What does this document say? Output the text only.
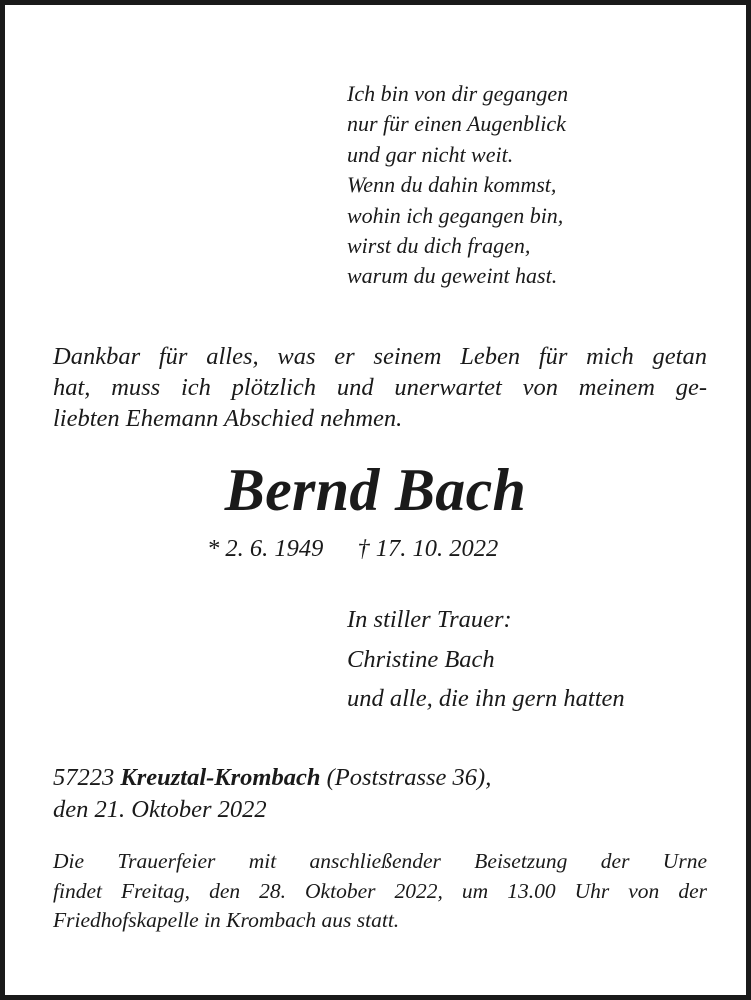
Ich bin von dir gegangen
nur für einen Augenblick
und gar nicht weit.
Wenn du dahin kommst,
wohin ich gegangen bin,
wirst du dich fragen,
warum du geweint hast.
Dankbar für alles, was er seinem Leben für mich getan
hat, muss ich plötzlich und unerwartet von meinem ge-
liebten Ehemann Abschied nehmen.
Bernd Bach
* 2. 6. 1949 † 17. 10. 2022
In stiller Trauer:
Christine Bach
und alle, die ihn gern hatten
57223 Kreuztal-Krombach (Poststrasse 36),
den 21. Oktober 2022
Die Trauerfeier mit anschließender Beisetzung der Urne
findet Freitag, den 28. Oktober 2022, um 13.00 Uhr von der
Friedhofskapelle in Krombach aus statt.
